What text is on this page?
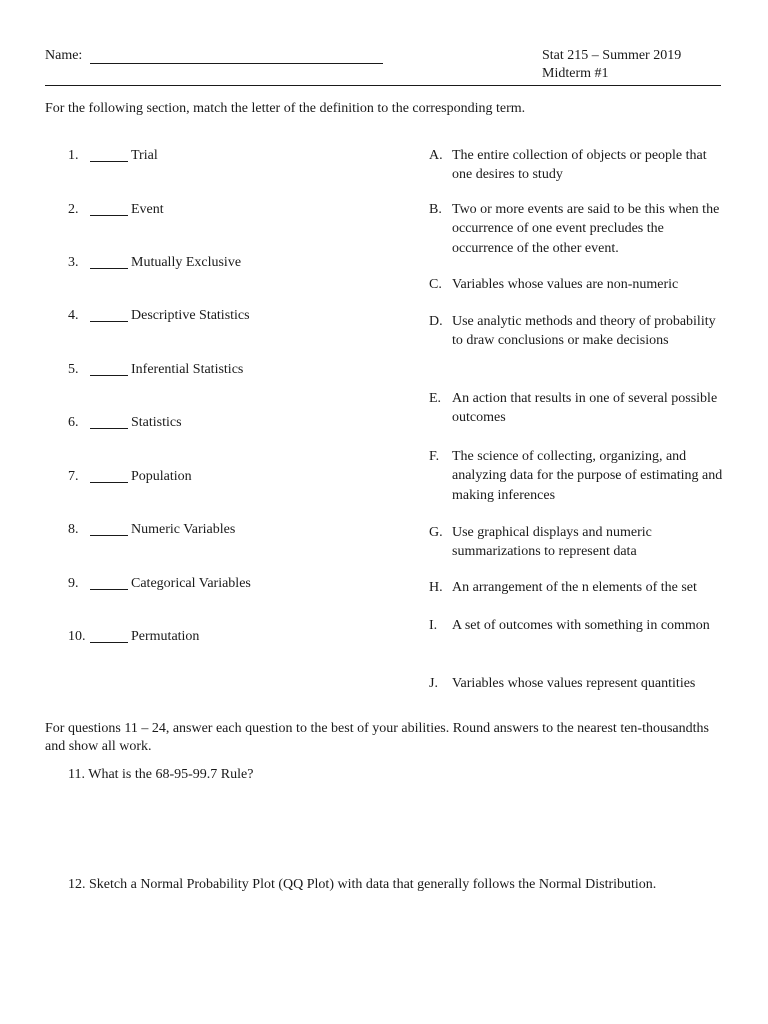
Name:	Stat 215 – Summer 2019
Midterm #1
For the following section, match the letter of the definition to the corresponding term.
1.	Trial
2.	Event
3.	Mutually Exclusive
4.	Descriptive Statistics
5.	Inferential Statistics
6.	Statistics
7.	Population
8.	Numeric Variables
9.	Categorical Variables
10.	Permutation
A. The entire collection of objects or people that one desires to study
B. Two or more events are said to be this when the occurrence of one event precludes the occurrence of the other event.
C. Variables whose values are non-numeric
D. Use analytic methods and theory of probability to draw conclusions or make decisions
E. An action that results in one of several possible outcomes
F. The science of collecting, organizing, and analyzing data for the purpose of estimating and making inferences
G. Use graphical displays and numeric summarizations to represent data
H. An arrangement of the n elements of the set
I. A set of outcomes with something in common
J. Variables whose values represent quantities
For questions 11 – 24, answer each question to the best of your abilities. Round answers to the nearest ten-thousandths and show all work.
11. What is the 68-95-99.7 Rule?
12. Sketch a Normal Probability Plot (QQ Plot) with data that generally follows the Normal Distribution.
